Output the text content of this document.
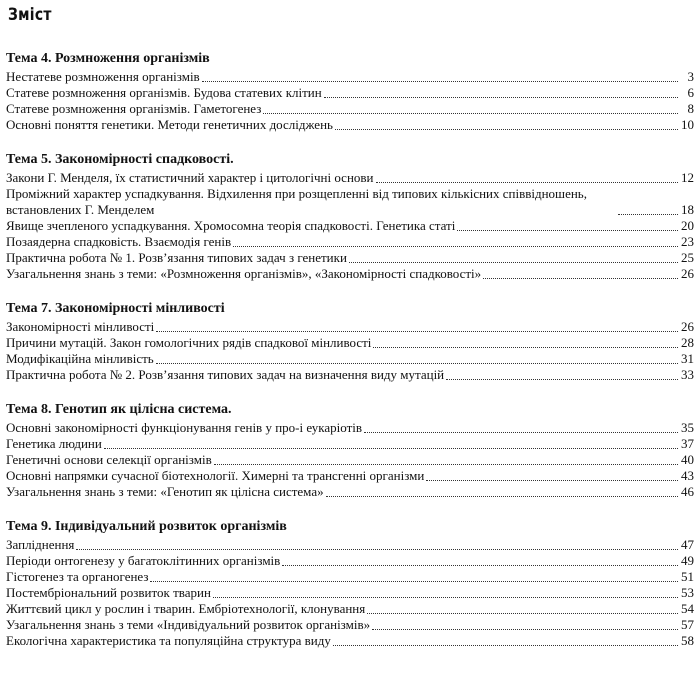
Зміст
Тема 4. Розмноження організмів
Нестатеве розмноження організмів	3
Статеве розмноження організмів. Будова статевих клітин	6
Статеве розмноження організмів. Гаметогенез	8
Основні поняття генетики. Методи генетичних досліджень	10
Тема 5. Закономірності спадковості.
Закони Г. Менделя, їх статистичний характер і цитологічні основи	12
Проміжний характер успадкування. Відхилення при розщепленні від типових кількісних співвідношень, встановлених Г. Менделем	18
Явище зчепленого успадкування. Хромосомна теорія спадковості. Генетика статі	20
Позаядерна спадковість. Взаємодія генів	23
Практична робота № 1. Розв’язання типових задач з генетики	25
Узагальнення знань з теми: «Розмноження організмів», «Закономірності спадковості»	26
Тема 7. Закономірності мінливості
Закономірності мінливості	26
Причини мутацій. Закон гомологічних рядів спадкової мінливості	28
Модифікаційна мінливість	31
Практична робота № 2. Розв’язання типових задач на визначення виду мутацій	33
Тема 8. Генотип як цілісна система.
Основні закономірності функціонування генів у про-і еукаріотів	35
Генетика людини	37
Генетичні основи селекції організмів	40
Основні напрямки сучасної біотехнології. Химерні та трансгенні організми	43
Узагальнення знань з теми: «Генотип як цілісна система»	46
Тема 9. Індивідуальний розвиток організмів
Запліднення	47
Періоди онтогенезу у багатоклітинних організмів	49
Гістогенез та органогенез	51
Постембріональний розвиток тварин	53
Життєвий цикл у рослин і тварин. Ембріотехнології, клонування	54
Узагальнення знань з теми «Індивідуальний розвиток організмів»	57
Екологічна характеристика та популяційна структура виду	58
